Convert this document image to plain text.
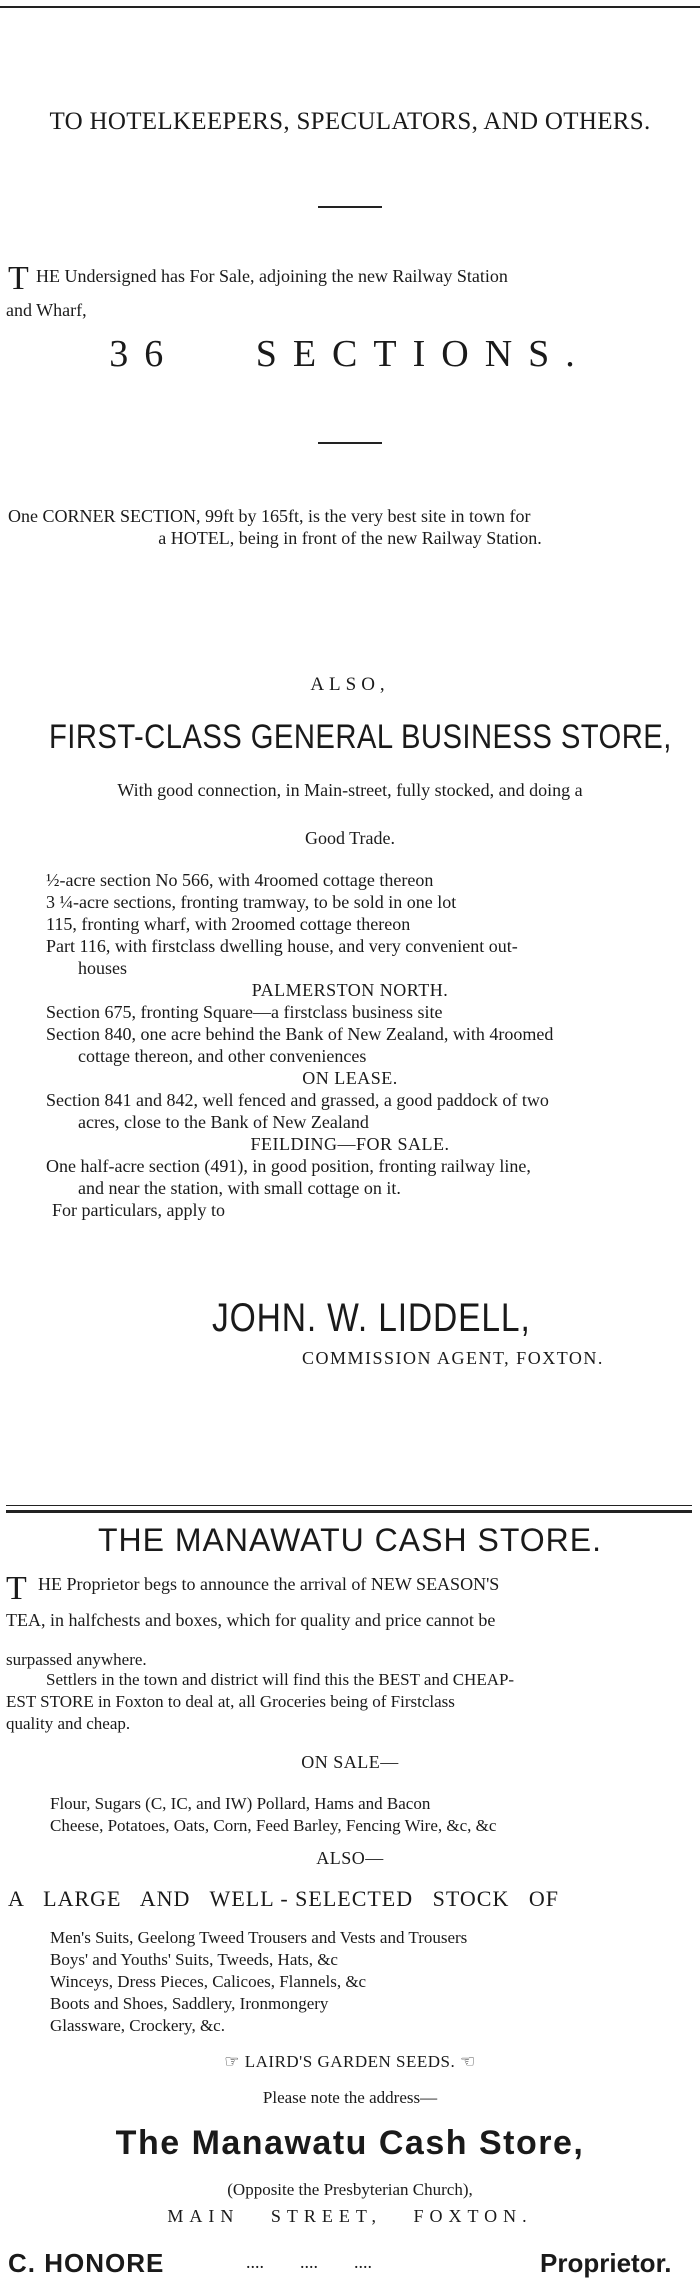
TO HOTELKEEPERS, SPECULATORS, AND OTHERS.
T HE Undersigned has For Sale, adjoining the new Railway Station
and Wharf,
36   SECTIONS.
One CORNER SECTION, 99ft by 165ft, is the very best site in town for
a HOTEL, being in front of the new Railway Station.
ALSO,
FIRST-CLASS GENERAL BUSINESS STORE,
With good connection, in Main-street, fully stocked, and doing a
Good Trade.
½-acre section No 566, with 4roomed cottage thereon
3 ¼-acre sections, fronting tramway, to be sold in one lot
115, fronting wharf, with 2roomed cottage thereon
Part 116, with firstclass dwelling house, and very convenient out-
houses
PALMERSTON NORTH.
Section 675, fronting Square—a firstclass business site
Section 840, one acre behind the Bank of New Zealand, with 4roomed
cottage thereon, and other conveniences
ON LEASE.
Section 841 and 842, well fenced and grassed, a good paddock of two
acres, close to the Bank of New Zealand
FEILDING—FOR SALE.
One half-acre section (491), in good position, fronting railway line,
and near the station, with small cottage on it.
For particulars, apply to
JOHN. W. LIDDELL,
COMMISSION AGENT, FOXTON.
THE MANAWATU CASH STORE.
T HE Proprietor begs to announce the arrival of NEW SEASON'S
TEA, in halfchests and boxes, which for quality and price cannot be
surpassed anywhere.
Settlers in the town and district will find this the BEST and CHEAP-
EST STORE in Foxton to deal at, all Groceries being of Firstclass
quality and cheap.
ON SALE—
Flour, Sugars (C, IC, and IW) Pollard, Hams and Bacon
Cheese, Potatoes, Oats, Corn, Feed Barley, Fencing Wire, &c, &c
ALSO—
A   LARGE   AND   WELL - SELECTED   STOCK   OF
Men's Suits, Geelong Tweed Trousers and Vests and Trousers
Boys' and Youths' Suits, Tweeds, Hats, &c
Winceys, Dress Pieces, Calicoes, Flannels, &c
Boots and Shoes, Saddlery, Ironmongery
Glassware, Crockery, &c.
☞ LAIRD'S GARDEN SEEDS. ☜
Please note the address—
The Manawatu Cash Store,
(Opposite the Presbyterian Church),
MAIN   STREET,   FOXTON.
C. HONORE	....        ....        ....	Proprietor.
